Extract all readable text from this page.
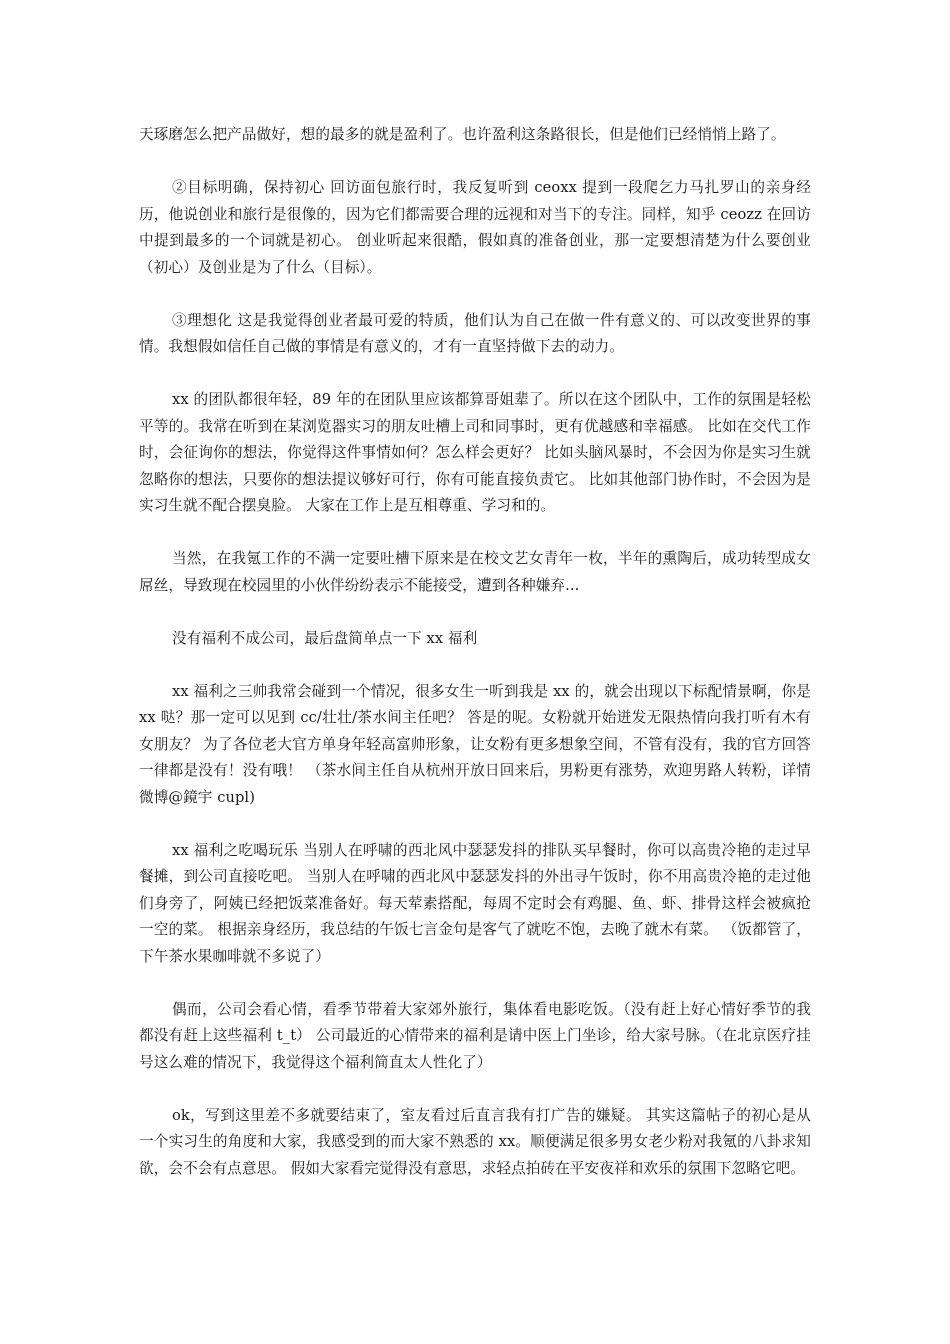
天琢磨怎么把产品做好，想的最多的就是盈利了。也许盈利这条路很长，但是他们已经悄悄上路了。

②目标明确，保持初心 回访面包旅行时，我反复听到 ceoxx 提到一段爬乞力马扎罗山的亲身经历，他说创业和旅行是很像的，因为它们都需要合理的远视和对当下的专注。同样，知乎 ceozz 在回访中提到最多的一个词就是初心。 创业听起来很酷，假如真的准备创业，那一定要想清楚为什么要创业（初心）及创业是为了什么（目标）。

③理想化 这是我觉得创业者最可爱的特质，他们认为自己在做一件有意义的、可以改变世界的事情。我想假如信任自己做的事情是有意义的，才有一直坚持做下去的动力。

xx 的团队都很年轻，89 年的在团队里应该都算哥姐辈了。所以在这个团队中，工作的氛围是轻松平等的。我常在听到在某浏览器实习的朋友吐槽上司和同事时，更有优越感和幸福感。 比如在交代工作时，会征询你的想法，你觉得这件事情如何？怎么样会更好？ 比如头脑风暴时，不会因为你是实习生就忽略你的想法，只要你的想法提议够好可行，你有可能直接负责它。 比如其他部门协作时，不会因为是实习生就不配合摆臭脸。 大家在工作上是互相尊重、学习和的。

当然，在我氪工作的不满一定要吐槽下原来是在校文艺女青年一枚，半年的熏陶后，成功转型成女屌丝，导致现在校园里的小伙伴纷纷表示不能接受，遭到各种嫌弃...

没有福利不成公司，最后盘简单点一下 xx 福利

xx 福利之三帅我常会碰到一个情况，很多女生一听到我是 xx 的，就会出现以下标配情景啊，你是 xx 哒？那一定可以见到 cc/壮壮/茶水间主任吧？ 答是的呢。女粉就开始迸发无限热情向我打听有木有女朋友？ 为了各位老大官方单身年轻高富帅形象，让女粉有更多想象空间，不管有没有，我的官方回答一律都是没有！没有哦！ （茶水间主任自从杭州开放日回来后，男粉更有涨势，欢迎男路人转粉，详情微博@鏡宇 cupl)

xx 福利之吃喝玩乐 当别人在呼啸的西北风中瑟瑟发抖的排队买早餐时，你可以高贵冷艳的走过早餐摊，到公司直接吃吧。 当别人在呼啸的西北风中瑟瑟发抖的外出寻午饭时，你不用高贵冷艳的走过他们身旁了，阿姨已经把饭菜准备好。每天荤素搭配，每周不定时会有鸡腿、鱼、虾、排骨这样会被疯抢一空的菜。 根据亲身经历，我总结的午饭七言金句是客气了就吃不饱，去晚了就木有菜。 （饭都管了，下午茶水果咖啡就不多说了）

偶而，公司会看心情，看季节带着大家郊外旅行，集体看电影吃饭。（没有赶上好心情好季节的我都没有赶上这些福利 t_t） 公司最近的心情带来的福利是请中医上门坐诊，给大家号脉。（在北京医疗挂号这么难的情况下，我觉得这个福利简直太人性化了）

ok，写到这里差不多就要结束了，室友看过后直言我有打广告的嫌疑。 其实这篇帖子的初心是从一个实习生的角度和大家，我感受到的而大家不熟悉的 xx。顺便满足很多男女老少粉对我氪的八卦求知欲，会不会有点意思。 假如大家看完觉得没有意思，求轻点拍砖在平安夜祥和欢乐的氛围下忽略它吧。
